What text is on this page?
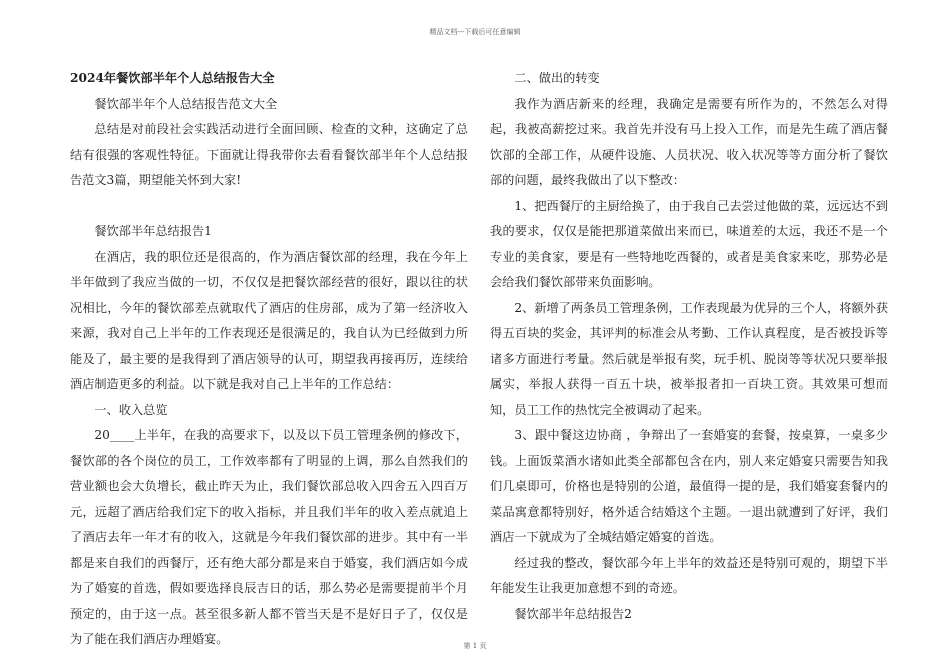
精品文档---下载后可任意编辑

2024年餐饮部半年个人总结报告大全

餐饮部半年个人总结报告范文大全

总结是对前段社会实践活动进行全面回顾、检查的文种，这确定了总结有很强的客观性特征。下面就让得我带你去看看餐饮部半年个人总结报告范文3篇，期望能关怀到大家!

餐饮部半年总结报告1

在酒店，我的职位还是很高的，作为酒店餐饮部的经理，我在今年上半年做到了我应当做的一切，不仅仅是把餐饮部经营的很好，跟以往的状况相比，今年的餐饮部差点就取代了酒店的住房部，成为了第一经济收入来源，我对自己上半年的工作表现还是很满足的，我自认为已经做到力所能及了，最主要的是我得到了酒店领导的认可，期望我再接再厉，连续给酒店制造更多的利益。以下就是我对自己上半年的工作总结：

一、收入总览

20____上半年，在我的高要求下，以及以下员工管理条例的修改下，餐饮部的各个岗位的员工，工作效率都有了明显的上调，那么自然我们的营业额也会大负增长，截止昨天为止，我们餐饮部总收入四舍五入四百万元，远超了酒店给我们定下的收入指标，并且我们半年的收入差点就追上了酒店去年一年才有的收入，这就是今年我们餐饮部的进步。其中有一半都是来自我们的西餐厅，还有绝大部分都是来自于婚宴，我们酒店如今成为了婚宴的首选，假如要选择良辰吉日的话，那么势必是需要提前半个月预定的，由于这一点。甚至很多新人都不管当天是不是好日子了，仅仅是为了能在我们酒店办理婚宴。

二、做出的转变

我作为酒店新来的经理，我确定是需要有所作为的，不然怎么对得起，我被高薪挖过来。我首先并没有马上投入工作，而是先生疏了酒店餐饮部的全部工作，从硬件设施、人员状况、收入状况等等方面分析了餐饮部的问题，最终我做出了以下整改：

1、把西餐厅的主厨给换了，由于我自己去尝过他做的菜，远远达不到我的要求，仅仅是能把那道菜做出来而已，味道差的太远，我还不是一个专业的美食家，要是有一些特地吃西餐的，或者是美食家来吃，那势必是会给我们餐饮部带来负面影响。

2、新增了两条员工管理条例，工作表现最为优异的三个人，将额外获得五百块的奖金，其评判的标准会从考勤、工作认真程度，是否被投诉等诸多方面进行考量。然后就是举报有奖，玩手机、脱岗等等状况只要举报属实，举报人获得一百五十块，被举报者扣一百块工资。其效果可想而知，员工工作的热忱完全被调动了起来。

3、跟中餐这边协商 ，争辩出了一套婚宴的套餐，按桌算，一桌多少钱。上面饭菜酒水诸如此类全部都包含在内，别人来定婚宴只需要告知我们几桌即可，价格也是特别的公道，最值得一提的是，我们婚宴套餐内的菜品寓意都特别好，格外适合结婚这个主题。一退出就遭到了好评，我们酒店一下就成为了全城结婚定婚宴的首选。

经过我的整改，餐饮部今年上半年的效益还是特别可观的，期望下半年能发生让我更加意想不到的奇迹。

餐饮部半年总结报告2

第 1 页
